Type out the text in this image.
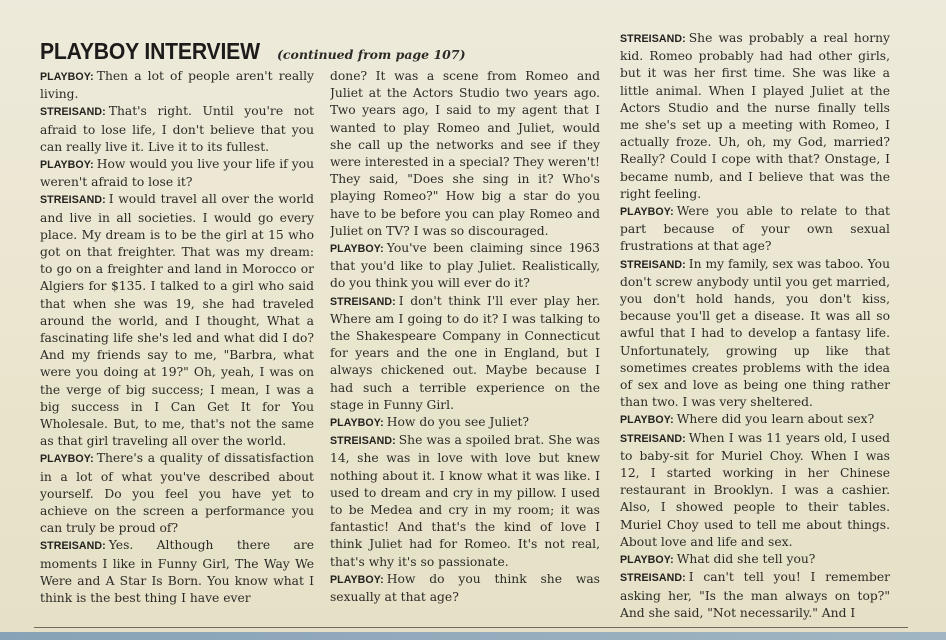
PLAYBOY INTERVIEW (continued from page 107)

PLAYBOY: Then a lot of people aren't really living.

STREISAND: That's right. Until you're not afraid to lose life, I don't believe that you can really live it. Live it to its fullest.

PLAYBOY: How would you live your life if you weren't afraid to lose it?

STREISAND: I would travel all over the world and live in all societies. I would go every place. My dream is to be the girl at 15 who got on that freighter. That was my dream: to go on a freighter and land in Morocco or Algiers for $135. I talked to a girl who said that when she was 19, she had traveled around the world, and I thought, What a fascinating life she's led and what did I do? And my friends say to me, "Barbra, what were you doing at 19?" Oh, yeah, I was on the verge of big success; I mean, I was a big success in I Can Get It for You Wholesale. But, to me, that's not the same as that girl traveling all over the world.

PLAYBOY: There's a quality of dissatisfaction in a lot of what you've described about yourself. Do you feel you have yet to achieve on the screen a performance you can truly be proud of?

STREISAND: Yes. Although there are moments I like in Funny Girl, The Way We Were and A Star Is Born. You know what I think is the best thing I have ever

done? It was a scene from Romeo and Juliet at the Actors Studio two years ago. Two years ago, I said to my agent that I wanted to play Romeo and Juliet, would she call up the networks and see if they were interested in a special? They weren't! They said, "Does she sing in it? Who's playing Romeo?" How big a star do you have to be before you can play Romeo and Juliet on TV? I was so discouraged.

PLAYBOY: You've been claiming since 1963 that you'd like to play Juliet. Realistically, do you think you will ever do it?

STREISAND: I don't think I'll ever play her. Where am I going to do it? I was talking to the Shakespeare Company in Connecticut for years and the one in England, but I always chickened out. Maybe because I had such a terrible experience on the stage in Funny Girl.

PLAYBOY: How do you see Juliet?

STREISAND: She was a spoiled brat. She was 14, she was in love with love but knew nothing about it. I know what it was like. I used to dream and cry in my pillow. I used to be Medea and cry in my room; it was fantastic! And that's the kind of love I think Juliet had for Romeo. It's not real, that's why it's so passionate.

PLAYBOY: How do you think she was sexually at that age?

STREISAND: She was probably a real horny kid. Romeo probably had had other girls, but it was her first time. She was like a little animal. When I played Juliet at the Actors Studio and the nurse finally tells me she's set up a meeting with Romeo, I actually froze. Uh, oh, my God, married? Really? Could I cope with that? Onstage, I became numb, and I believe that was the right feeling.

PLAYBOY: Were you able to relate to that part because of your own sexual frustrations at that age?

STREISAND: In my family, sex was taboo. You don't screw anybody until you get married, you don't hold hands, you don't kiss, because you'll get a disease. It was all so awful that I had to develop a fantasy life. Unfortunately, growing up like that sometimes creates problems with the idea of sex and love as being one thing rather than two. I was very sheltered.

PLAYBOY: Where did you learn about sex?

STREISAND: When I was 11 years old, I used to baby-sit for Muriel Choy. When I was 12, I started working in her Chinese restaurant in Brooklyn. I was a cashier. Also, I showed people to their tables. Muriel Choy used to tell me about things. About love and life and sex.

PLAYBOY: What did she tell you?

STREISAND: I can't tell you! I remember asking her, "Is the man always on top?" And she said, "Not necessarily." And I
